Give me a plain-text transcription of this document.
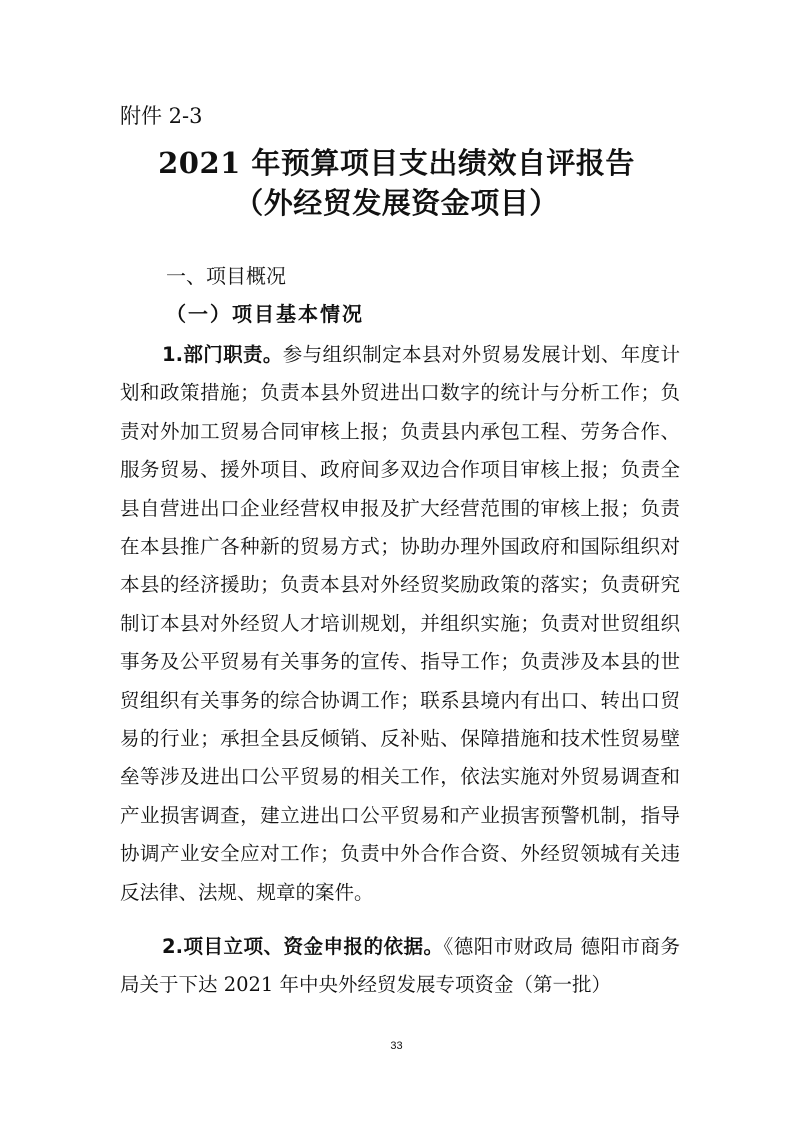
附件 2-3
2021 年预算项目支出绩效自评报告
（外经贸发展资金项目）
一、项目概况
（一）项目基本情况
1.部门职责。参与组织制定本县对外贸易发展计划、年度计划和政策措施；负责本县外贸进出口数字的统计与分析工作；负责对外加工贸易合同审核上报；负责县内承包工程、劳务合作、服务贸易、援外项目、政府间多双边合作项目审核上报；负责全县自营进出口企业经营权申报及扩大经营范围的审核上报；负责在本县推广各种新的贸易方式；协助办理外国政府和国际组织对本县的经济援助；负责本县对外经贸奖励政策的落实；负责研究制订本县对外经贸人才培训规划，并组织实施；负责对世贸组织事务及公平贸易有关事务的宣传、指导工作；负责涉及本县的世贸组织有关事务的综合协调工作；联系县境内有出口、转出口贸易的行业；承担全县反倾销、反补贴、保障措施和技术性贸易壁垒等涉及进出口公平贸易的相关工作，依法实施对外贸易调查和产业损害调查，建立进出口公平贸易和产业损害预警机制，指导协调产业安全应对工作；负责中外合作合资、外经贸领城有关违反法律、法规、规章的案件。
2.项目立项、资金申报的依据。《德阳市财政局 德阳市商务局关于下达 2021 年中央外经贸发展专项资金（第一批）
33
